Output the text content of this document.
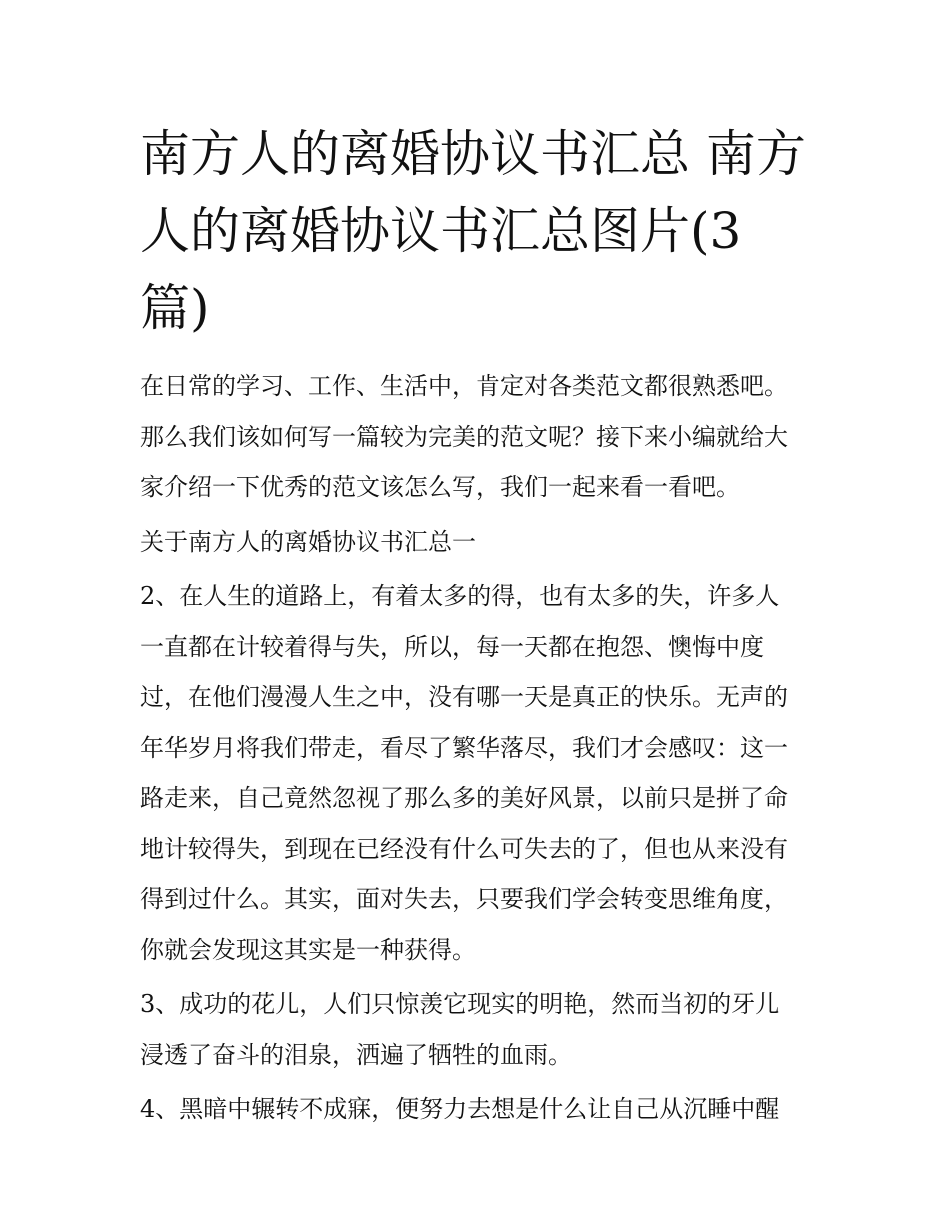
南方人的离婚协议书汇总 南方
人的离婚协议书汇总图片(3
篇)

在日常的学习、工作、生活中，肯定对各类范文都很熟悉吧。
那么我们该如何写一篇较为完美的范文呢？接下来小编就给大
家介绍一下优秀的范文该怎么写，我们一起来看一看吧。

关于南方人的离婚协议书汇总一

2、在人生的道路上，有着太多的得，也有太多的失，许多人
一直都在计较着得与失，所以，每一天都在抱怨、懊悔中度
过，在他们漫漫人生之中，没有哪一天是真正的快乐。无声的
年华岁月将我们带走，看尽了繁华落尽，我们才会感叹：这一
路走来，自己竟然忽视了那么多的美好风景，以前只是拼了命
地计较得失，到现在已经没有什么可失去的了，但也从来没有
得到过什么。其实，面对失去，只要我们学会转变思维角度，
你就会发现这其实是一种获得。

3、成功的花儿，人们只惊羡它现实的明艳，然而当初的牙儿
浸透了奋斗的泪泉，洒遍了牺牲的血雨。

4、黑暗中辗转不成寐，便努力去想是什么让自己从沉睡中醒
